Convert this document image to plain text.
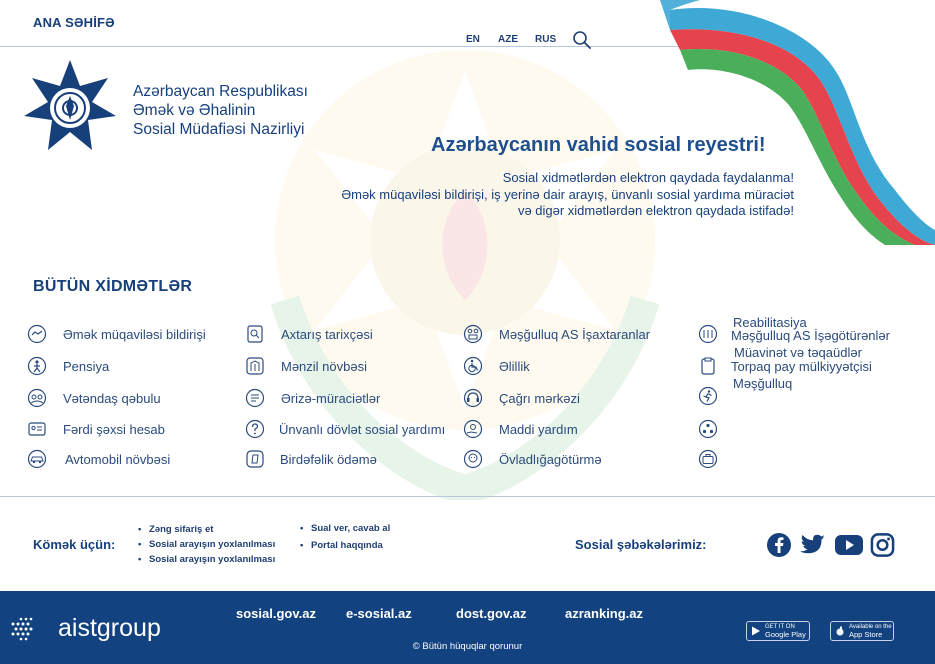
ANA SƏHİFƏ
EN AZE RUS
Azərbaycan Respublikası
Əmək və Əhalinin
Sosial Müdafiəsi Nazirliyi
Azərbaycanın vahid sosial reyestri!
Sosial xidmətlərdən elektron qaydada faydalanma!
Əmək müqaviləsi bildirişi, iş yerinə dair arayış, ünvanlı sosial yardıma müraciət
və digər xidmətlərdən elektron qaydada istifadə!
BÜTÜN XİDMƏTLƏR
Əmək müqaviləsi bildirişi
Pensiya
Vətəndaş qəbulu
Fərdi şəxsi hesab
Avtomobil növbəsi
Axtarış tarixçəsi
Mənzil növbəsi
Ərizə-müraciətlər
Ünvanlı dövlət sosial yardımı
Birdəfəlik ödəmə
Məşğulluq AS İşaxtaranlar
Əlillik
Çağrı mərkəzi
Maddi yardım
Övladlığagötürmə
Reabilitasiya
Məşğulluq AS İşəgötürənlər
Müavinət və təqaüdlər
Torpaq pay mülkiyyətçisi
Məşğulluq
Kömək üçün:
• Zəng sifariş et
• Sosial arayışın yoxlanılması
• Sosial arayışın yoxlanılması
• Sual ver, cavab al
• Portal haqqında	Sosial şəbəkələrimiz:
aistgroup
sosial.gov.az e-sosial.az	dost.gov.az	azranking.az
© Bütün hüquqlar qorunur
GET IT ON
Google Play
Available on the
App Store
